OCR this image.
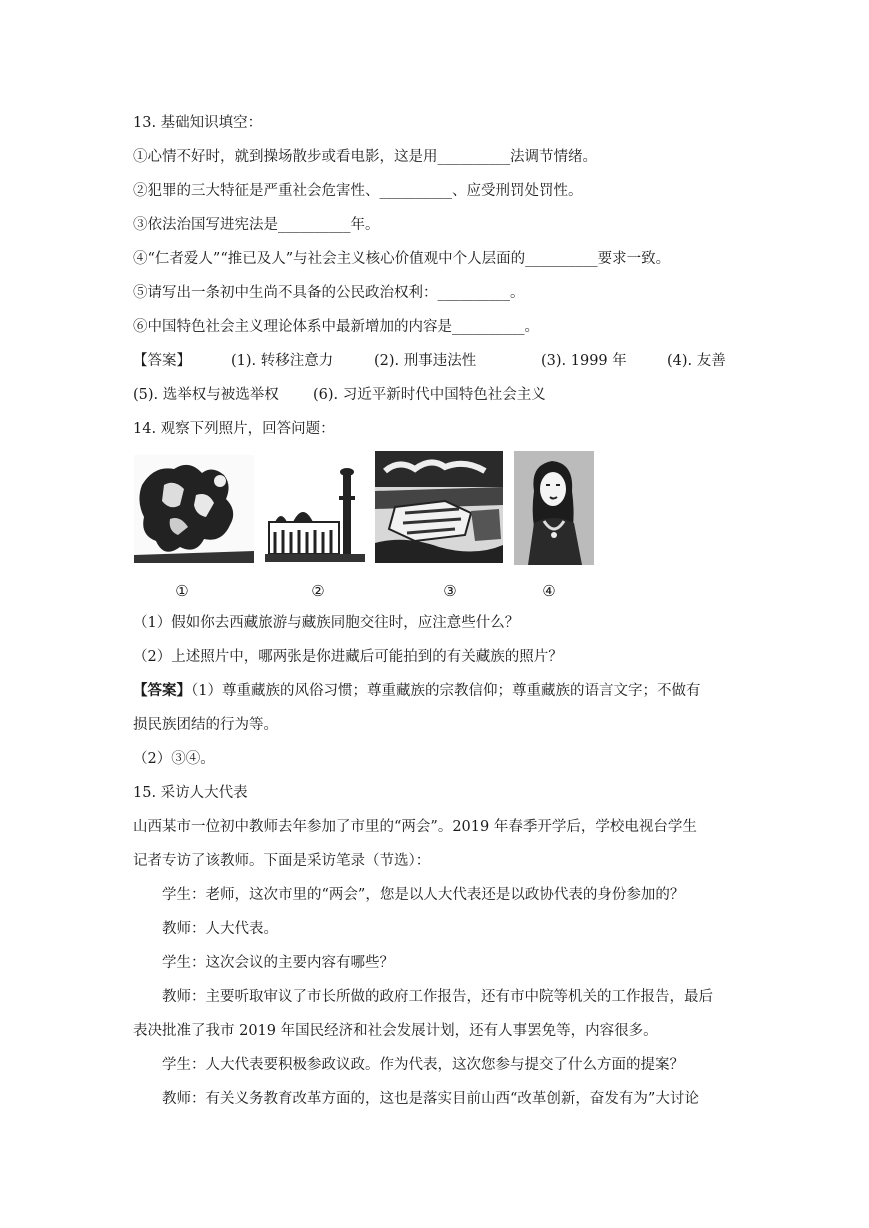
13. 基础知识填空：
①心情不好时，就到操场散步或看电影，这是用__________法调节情绪。
②犯罪的三大特征是严重社会危害性、__________、应受刑罚处罚性。
③依法治国写进宪法是__________年。
④“仁者爱人”“推已及人”与社会主义核心价值观中个人层面的__________要求一致。
⑤请写出一条初中生尚不具备的公民政治权利：__________。
⑥中国特色社会主义理论体系中最新增加的内容是__________。
【答案】	(1). 转移注意力	(2). 刑事违法性	(3). 1999 年	(4). 友善
(5). 选举权与被选举权 (6). 习近平新时代中国特色社会主义
14. 观察下列照片，回答问题：
①	②	③	④
（1）假如你去西藏旅游与藏族同胞交往时，应注意些什么？
（2）上述照片中，哪两张是你进藏后可能拍到的有关藏族的照片？
【答案】（1）尊重藏族的风俗习惯；尊重藏族的宗教信仰；尊重藏族的语言文字；不做有
损民族团结的行为等。
（2）③④。
15. 采访人大代表
山西某市一位初中教师去年参加了市里的“两会”。2019 年春季开学后，学校电视台学生
记者专访了该教师。下面是采访笔录（节选）：
学生：老师，这次市里的“两会”，您是以人大代表还是以政协代表的身份参加的？
教师：人大代表。
学生：这次会议的主要内容有哪些？
教师：主要听取审议了市长所做的政府工作报告，还有市中院等机关的工作报告，最后
表决批准了我市 2019 年国民经济和社会发展计划，还有人事罢免等，内容很多。
学生：人大代表要积极参政议政。作为代表，这次您参与提交了什么方面的提案？
教师：有关义务教育改革方面的，这也是落实目前山西“改革创新，奋发有为”大讨论
